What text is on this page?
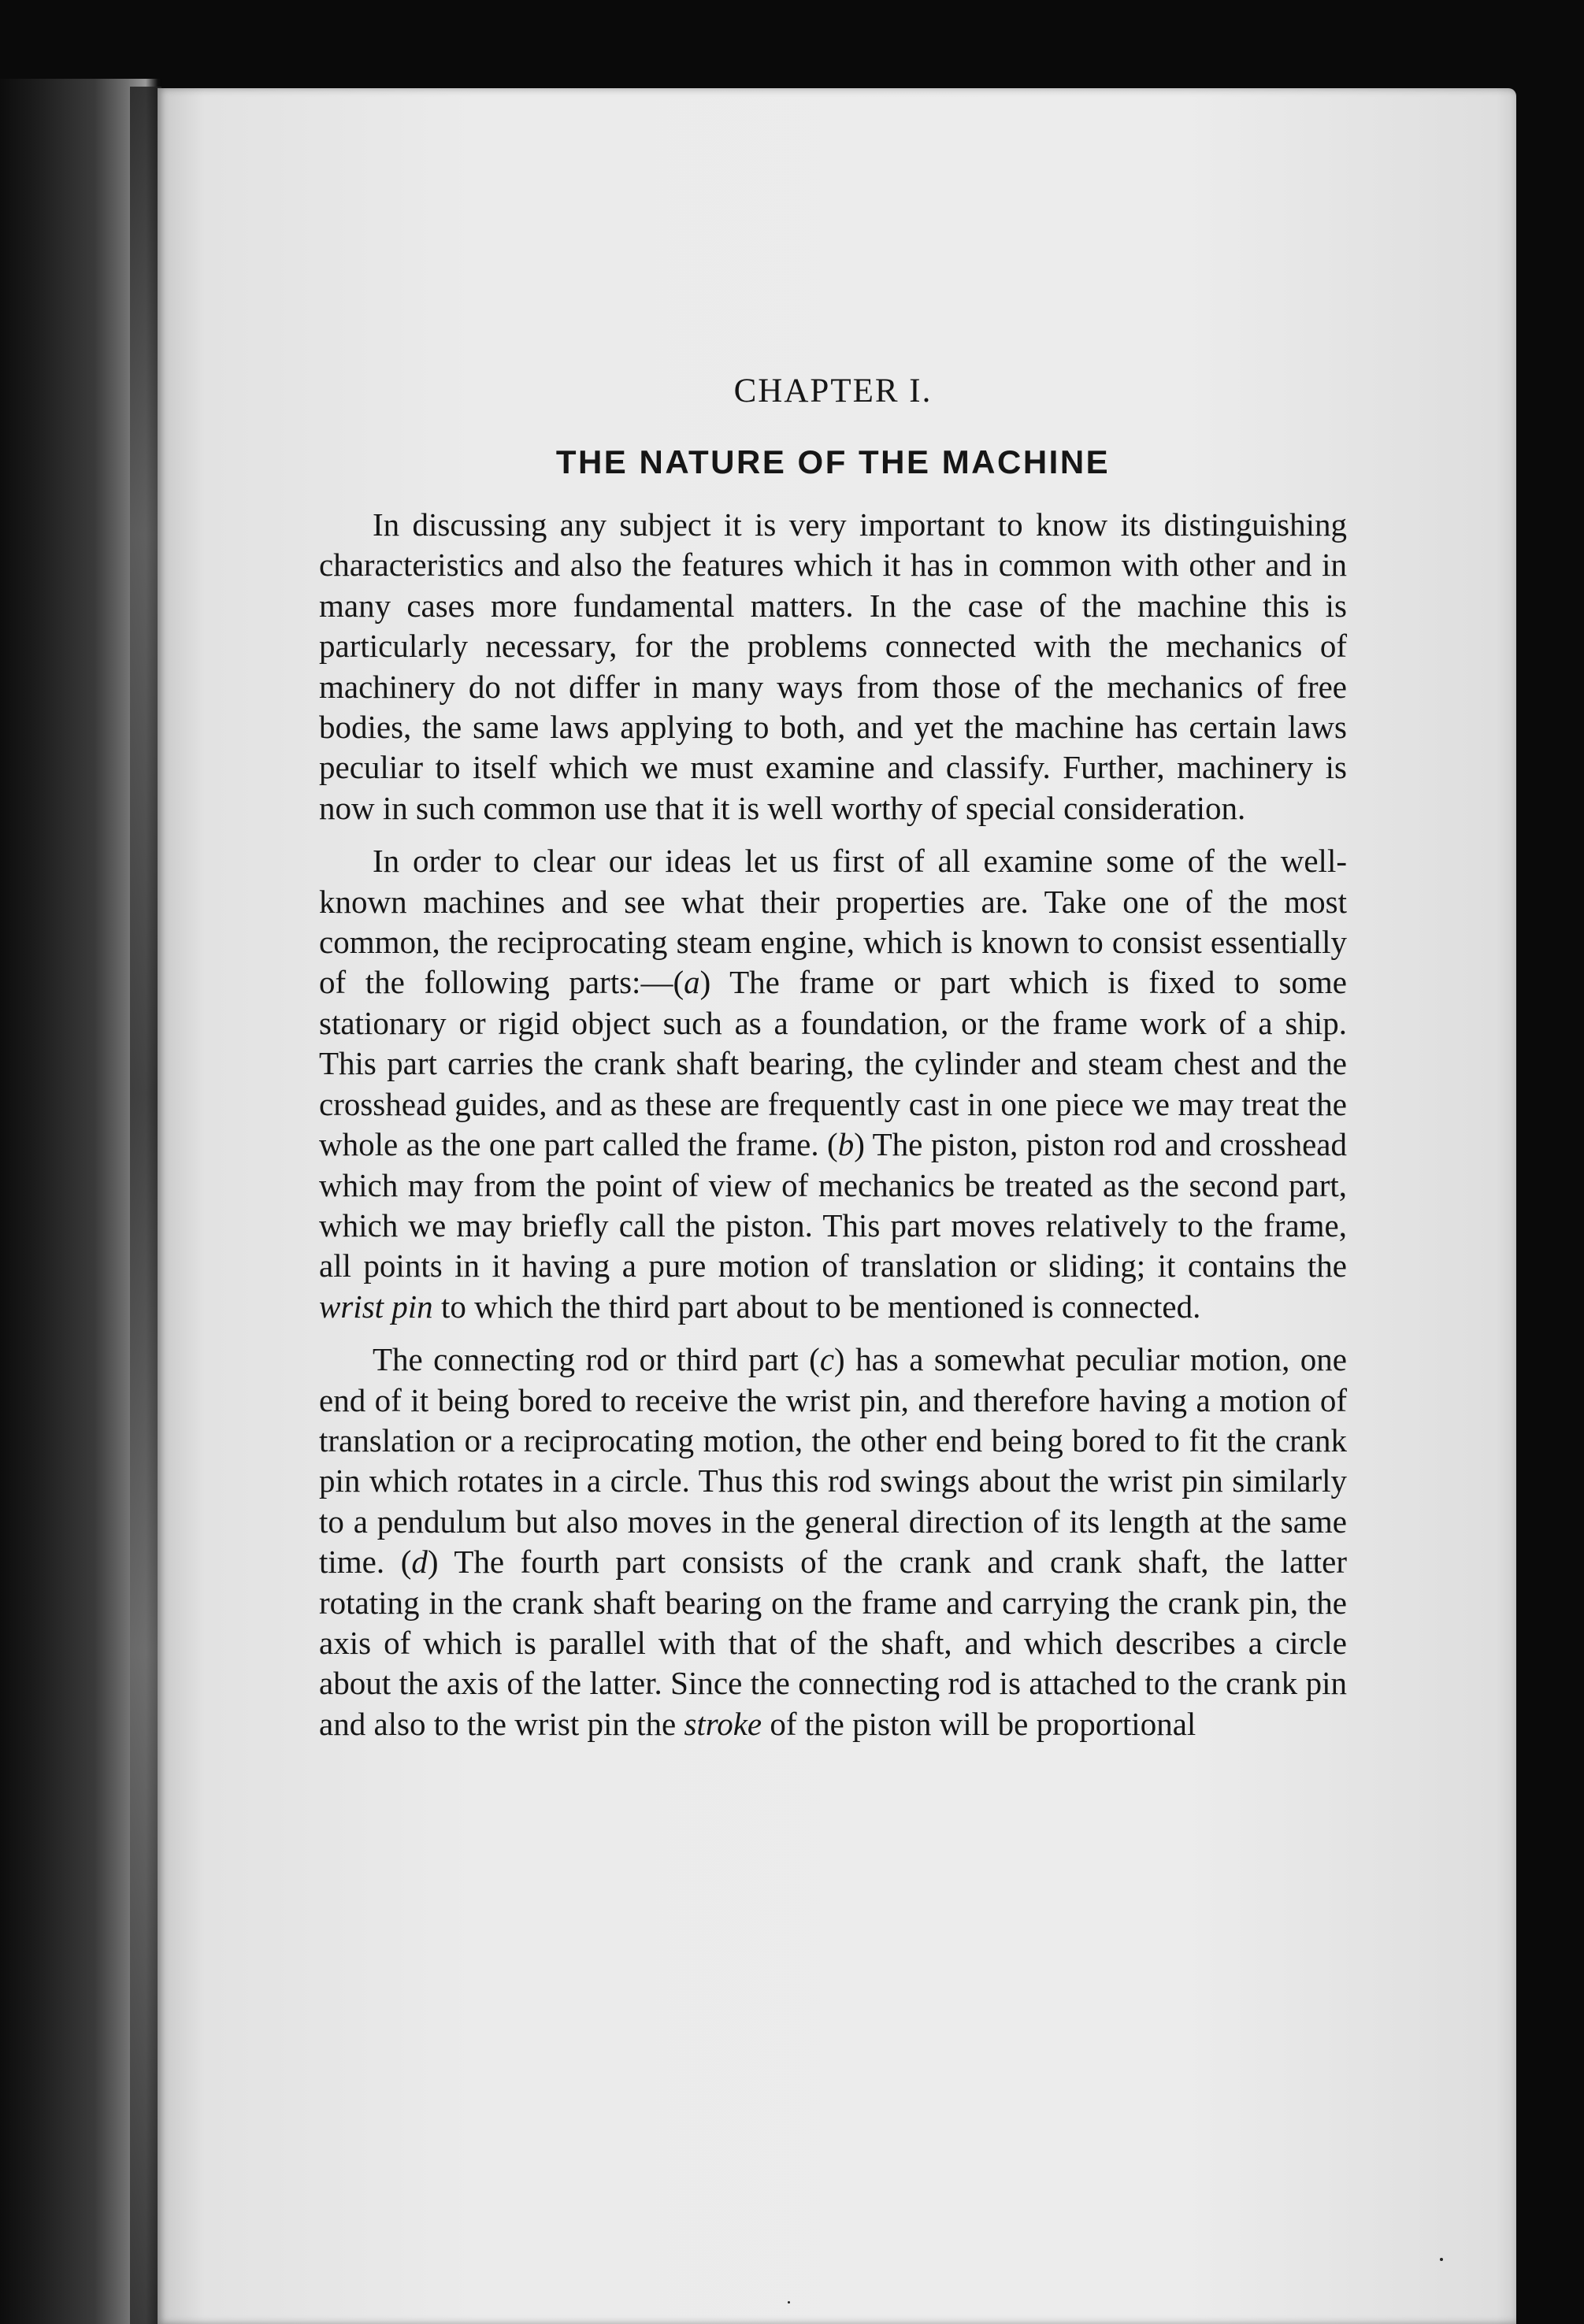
CHAPTER I.
THE NATURE OF THE MACHINE

In discussing any subject it is very important to know its distinguishing characteristics and also the features which it has in common with other and in many cases more fundamental matters. In the case of the machine this is particularly necessary, for the problems connected with the mechanics of machinery do not differ in many ways from those of the mechanics of free bodies, the same laws applying to both, and yet the machine has certain laws peculiar to itself which we must examine and classify. Further, machinery is now in such common use that it is well worthy of special consideration.

In order to clear our ideas let us first of all examine some of the well-known machines and see what their properties are. Take one of the most common, the reciprocating steam engine, which is known to consist essentially of the following parts:—(a) The frame or part which is fixed to some stationary or rigid object such as a foundation, or the frame work of a ship. This part carries the crank shaft bearing, the cylinder and steam chest and the crosshead guides, and as these are frequently cast in one piece we may treat the whole as the one part called the frame. (b) The piston, piston rod and crosshead which may from the point of view of mechanics be treated as the second part, which we may briefly call the piston. This part moves relatively to the frame, all points in it having a pure motion of translation or sliding; it contains the wrist pin to which the third part about to be mentioned is connected.

The connecting rod or third part (c) has a somewhat peculiar motion, one end of it being bored to receive the wrist pin, and therefore having a motion of translation or a reciprocating motion, the other end being bored to fit the crank pin which rotates in a circle. Thus this rod swings about the wrist pin similarly to a pendulum but also moves in the general direction of its length at the same time. (d) The fourth part consists of the crank and crank shaft, the latter rotating in the crank shaft bearing on the frame and carrying the crank pin, the axis of which is parallel with that of the shaft, and which describes a circle about the axis of the latter. Since the connecting rod is attached to the crank pin and also to the wrist pin the stroke of the piston will be proportional
